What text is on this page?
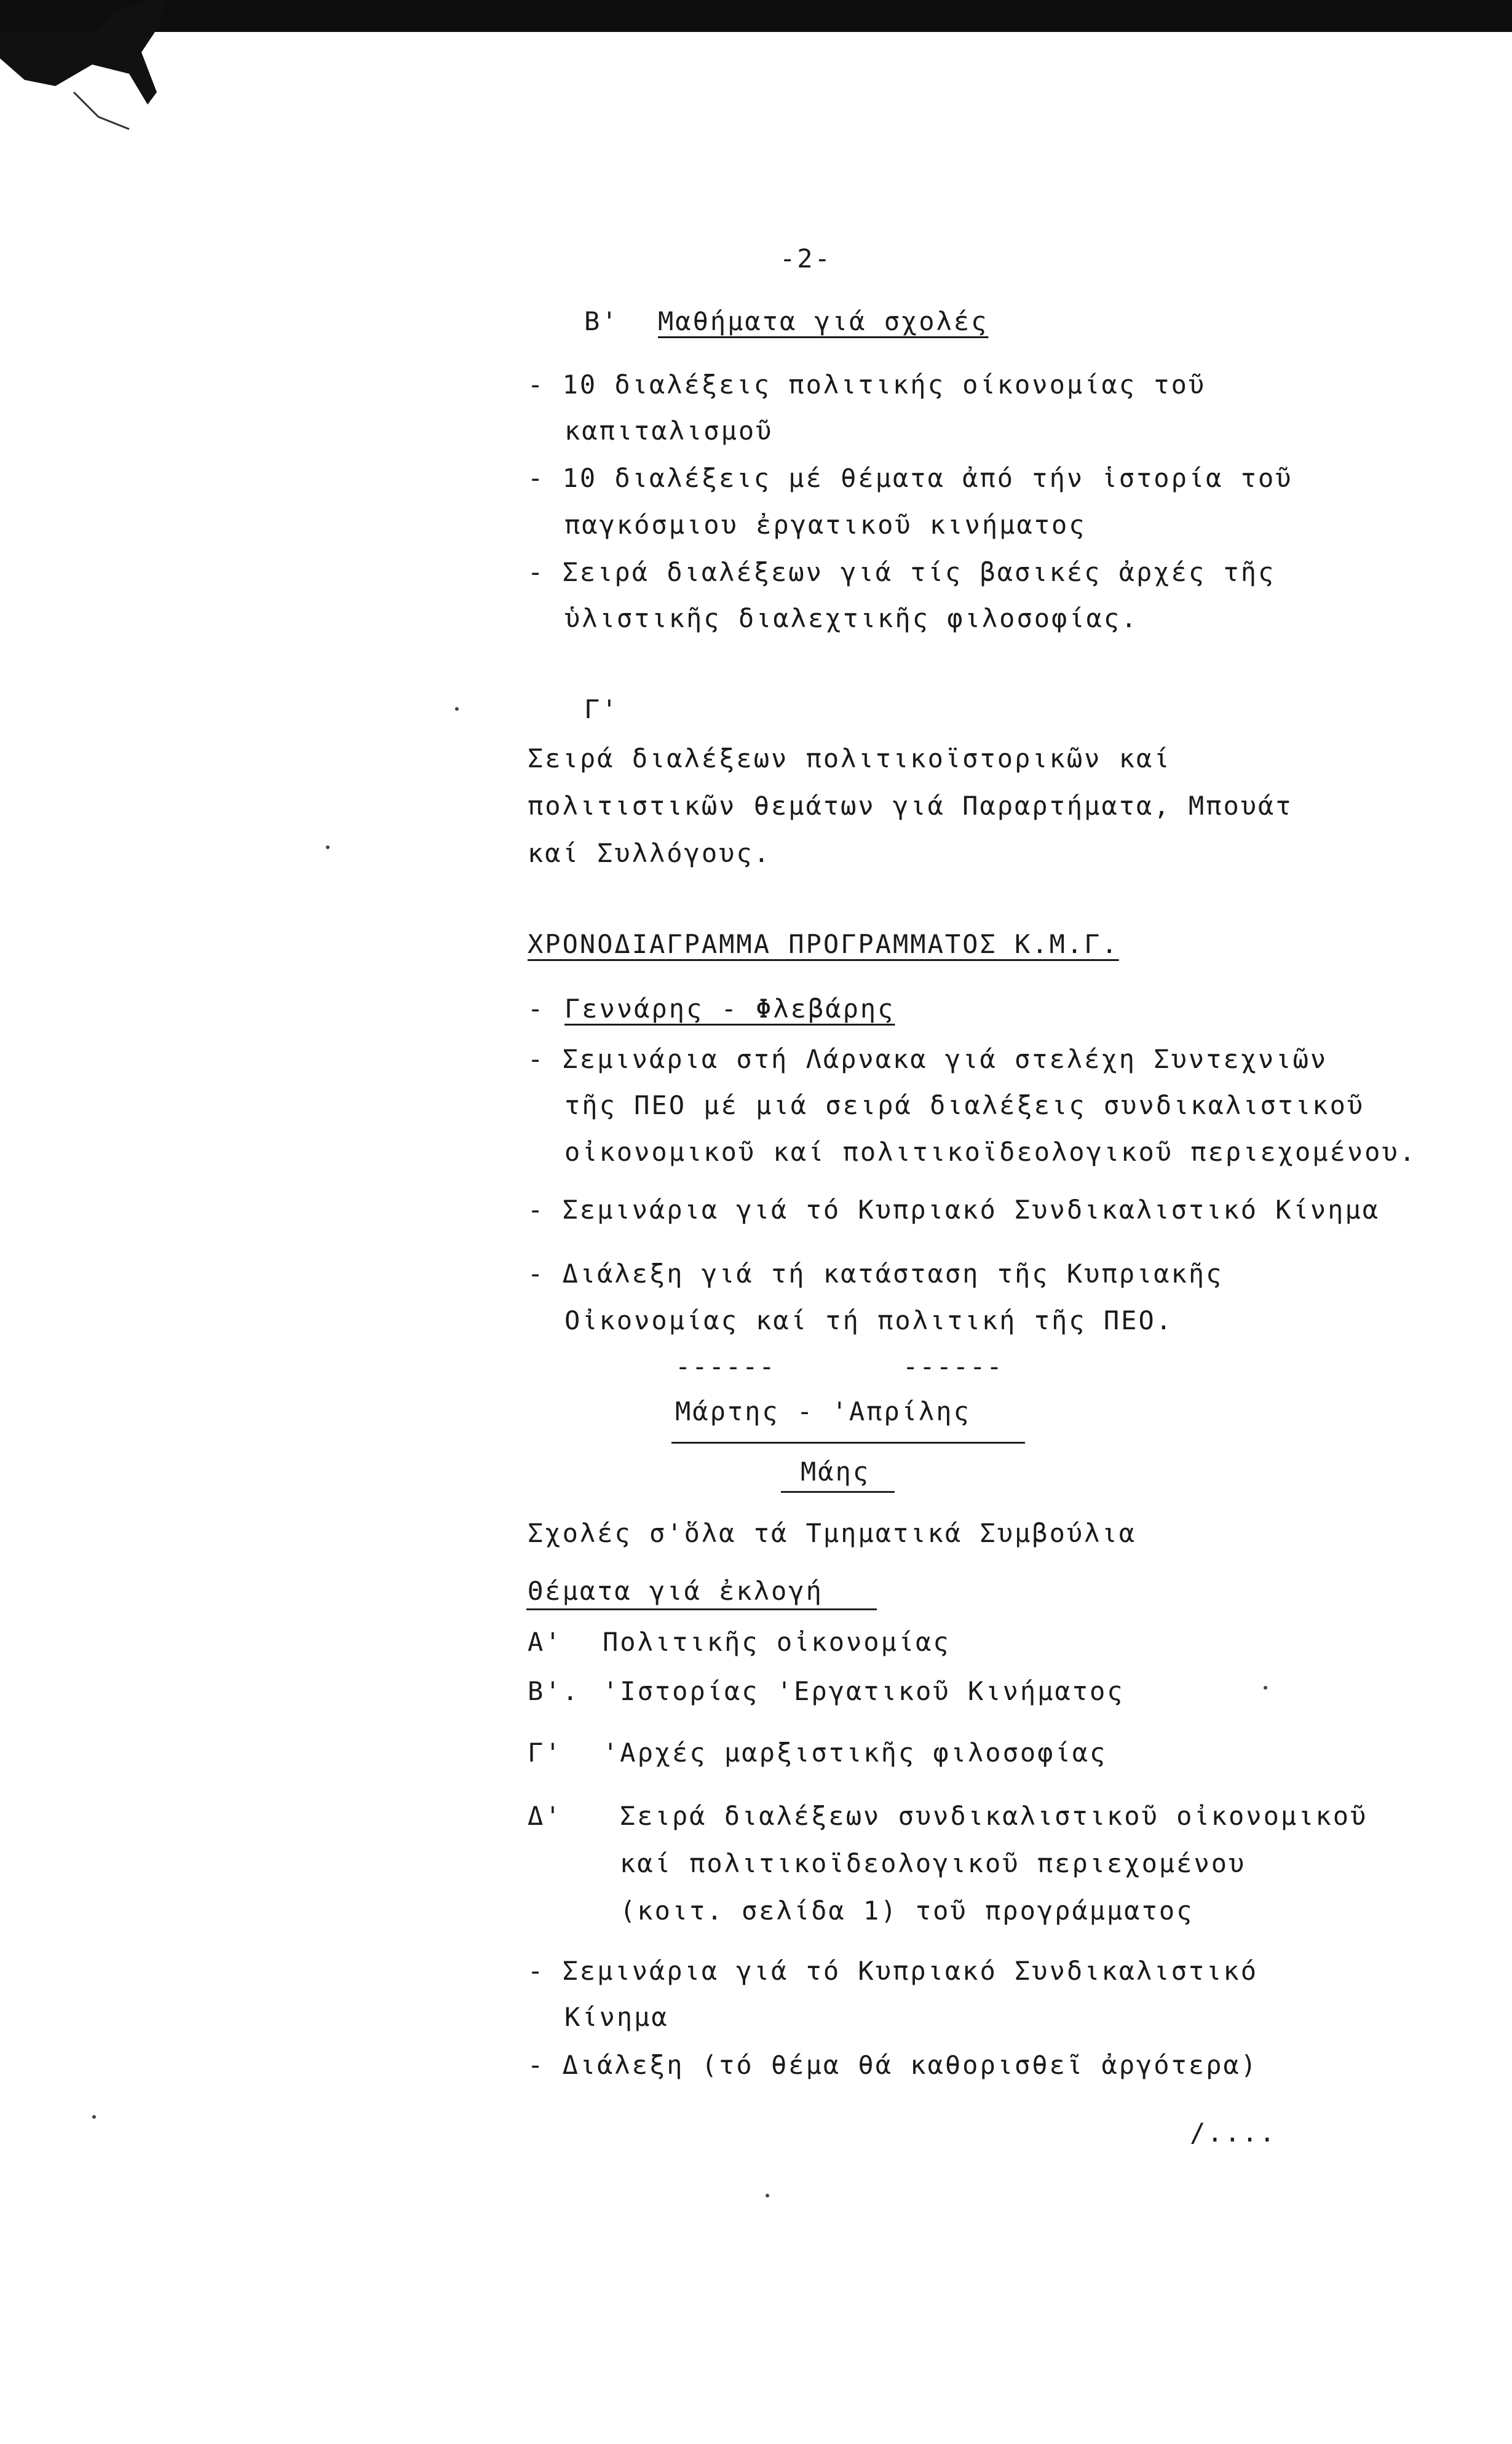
-2-
Β' Μαθήματα γιά σχολές
- 10 διαλέξεις πολιτικής οίκονομίας τοῦ
καπιταλισμοῦ
- 10 διαλέξεις μέ θέματα ἀπό τήν ἱστορία τοῦ
παγκόσμιου ἐργατικοῦ κινήματος
- Σειρά διαλέξεων γιά τίς βασικές ἀρχές τῆς
ὑλιστικῆς διαλεχτικῆς φιλοσοφίας.
Γ'
Σειρά διαλέξεων πολιτικοϊστορικῶν καί
πολιτιστικῶν θεμάτων γιά Παραρτήματα, Μπουάτ
καί Συλλόγους.
ΧΡΟΝΟΔΙΑΓΡΑΜΜΑ ΠΡΟΓΡΑΜΜΑΤΟΣ Κ.Μ.Γ.
- Γεννάρης - Φλεβάρης
- Σεμινάρια στή Λάρνακα γιά στελέχη Συντεχνιῶν
τῆς ΠΕΟ μέ μιά σειρά διαλέξεις συνδικαλιστικοῦ
οἰκονομικοῦ καί πολιτικοϊδεολογικοῦ περιεχομένου.
- Σεμινάρια γιά τό Κυπριακό Συνδικαλιστικό Κίνημα
- Διάλεξη γιά τή κατάσταση τῆς Κυπριακῆς
Οἰκονομίας καί τή πολιτική τῆς ΠΕΟ.
------	------
Μάρτης - 'Απρίλης
Μάης
Σχολές σ'ὅλα τά Τμηματικά Συμβούλια
Θέματα γιά ἐκλογή
Α' Πολιτικῆς οἰκονομίας
Β'. 'Ιστορίας 'Εργατικοῦ Κινήματος
Γ' 'Αρχές μαρξιστικῆς φιλοσοφίας
Δ' Σειρά διαλέξεων συνδικαλιστικοῦ οἰκονομικοῦ
καί πολιτικοϊδεολογικοῦ περιεχομένου
(κοιτ. σελίδα 1) τοῦ προγράμματος
- Σεμινάρια γιά τό Κυπριακό Συνδικαλιστικό
Κίνημα
- Διάλεξη (τό θέμα θά καθορισθεῖ ἀργότερα)
/....
